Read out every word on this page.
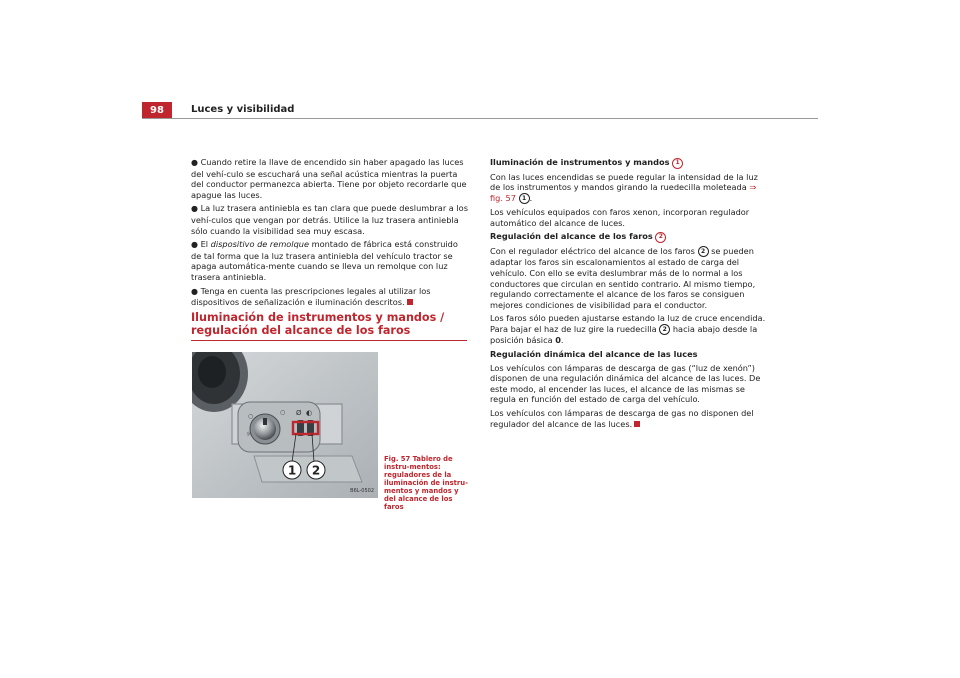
98	Luces y visibilidad

● Cuando retire la llave de encendido sin haber apagado las luces del vehí-culo se escuchará una señal acústica mientras la puerta del conductor permanezca abierta. Tiene por objeto recordarle que apague las luces.

● La luz trasera antiniebla es tan clara que puede deslumbrar a los vehí-culos que vengan por detrás. Utilice la luz trasera antiniebla sólo cuando la visibilidad sea muy escasa.

● El dispositivo de remolque montado de fábrica está construido de tal forma que la luz trasera antiniebla del vehículo tractor se apaga automática-mente cuando se lleva un remolque con luz trasera antiniebla.

● Tenga en cuenta las prescripciones legales al utilizar los dispositivos de señalización e iluminación descritos.

Iluminación de instrumentos y mandos / regulación del alcance de los faros
○
☼
○ Ø ◐
1 2
B6L-0502
Fig. 57 Tablero de instru-mentos: reguladores de la iluminación de instru-mentos y mandos y del alcance de los faros

Iluminación de instrumentos y mandos 1

Con las luces encendidas se puede regular la intensidad de la luz de los instrumentos y mandos girando la ruedecilla moleteada ⇒ fig. 57 1 .

Los vehículos equipados con faros xenon, incorporan regulador automático del alcance de luces.

Regulación del alcance de los faros 2

Con el regulador eléctrico del alcance de los faros 2 se pueden adaptar los faros sin escalonamientos al estado de carga del vehículo. Con ello se evita deslumbrar más de lo normal a los conductores que circulan en sentido contrario. Al mismo tiempo, regulando correctamente el alcance de los faros se consiguen mejores condiciones de visibilidad para el conductor.

Los faros sólo pueden ajustarse estando la luz de cruce encendida. Para bajar el haz de luz gire la ruedecilla 2 hacia abajo desde la posición básica 0.

Regulación dinámica del alcance de las luces

Los vehículos con lámparas de descarga de gas (“luz de xenón”) disponen de una regulación dinámica del alcance de las luces. De este modo, al encender las luces, el alcance de las mismas se regula en función del estado de carga del vehículo.

Los vehículos con lámparas de descarga de gas no disponen del regulador del alcance de las luces.
